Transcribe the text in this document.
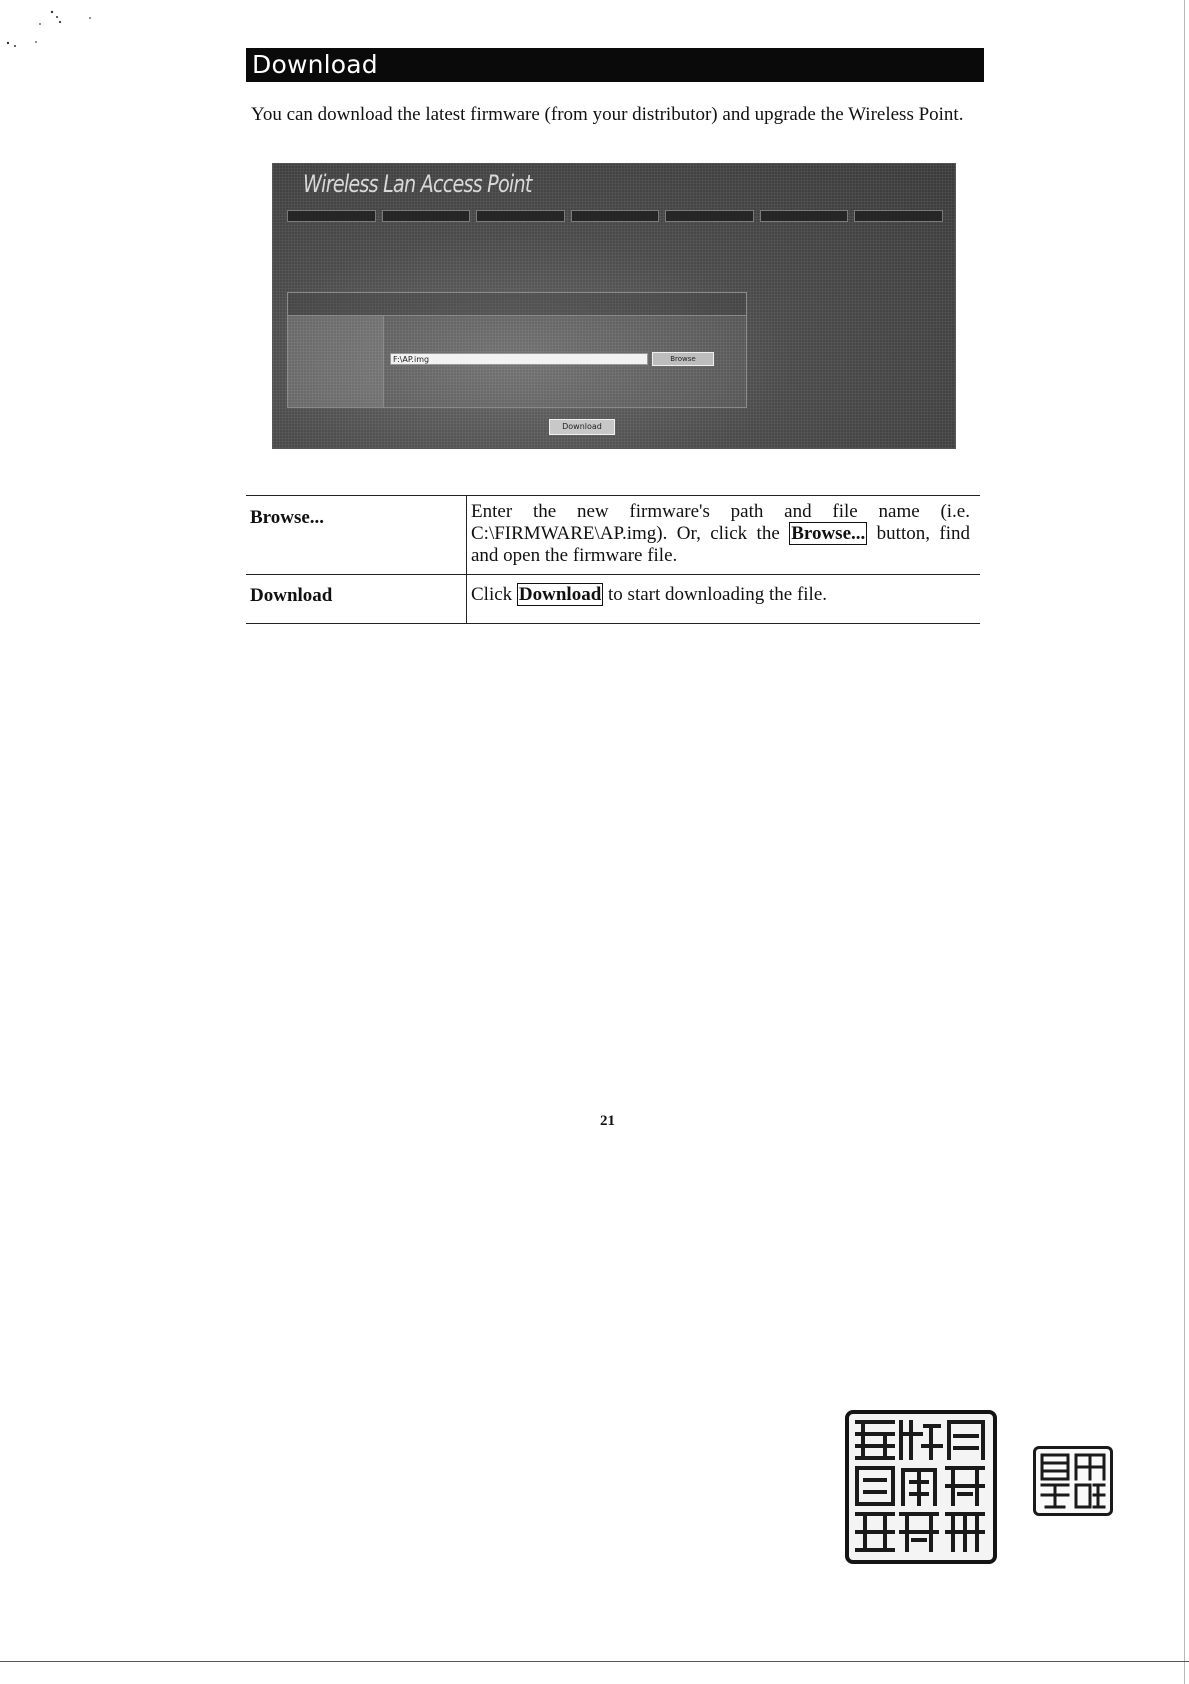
Download
You can download the latest firmware (from your distributor) and upgrade the Wireless Point.
Wireless Lan Access Point
F:\AP.img	Browse
Download
Browse...	Enter the new firmware's path and file name (i.e. C:\FIRMWARE\AP.img). Or, click the Browse... button, find and open the firmware file.
Download	Click Download to start downloading the file.
21
